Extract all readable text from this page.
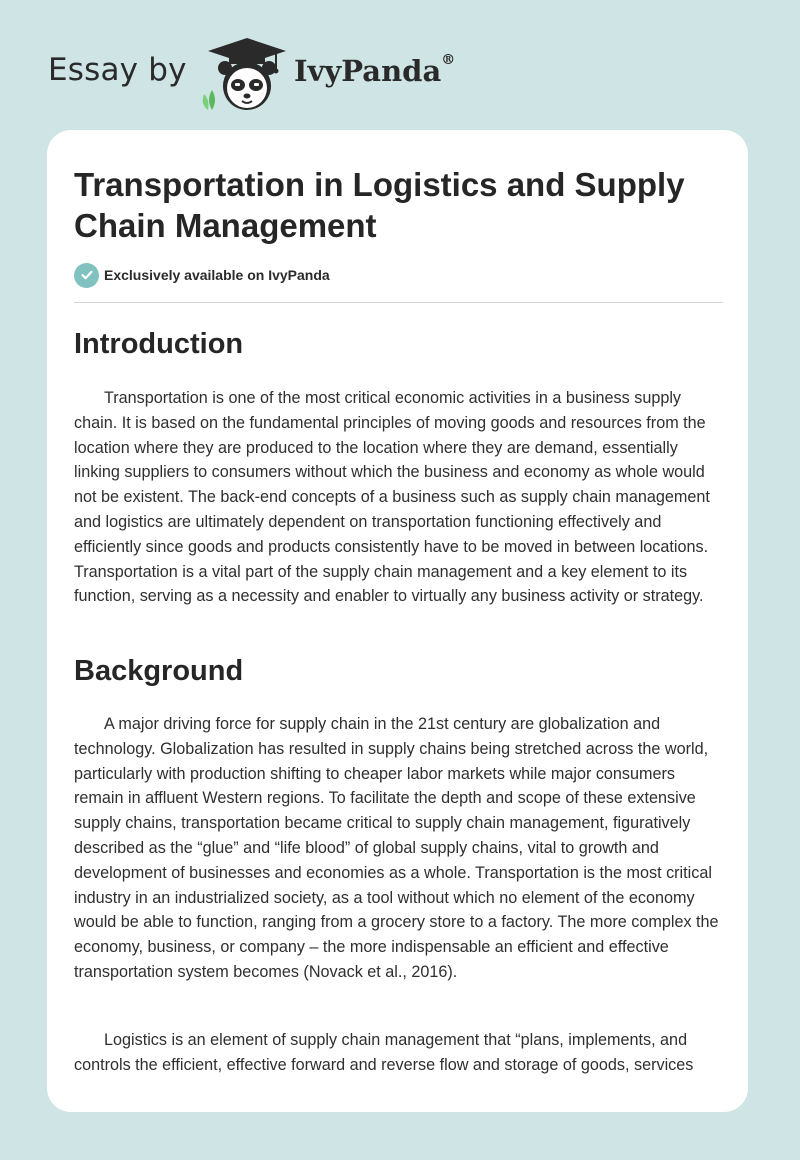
Essay by	IvyPanda®
Transportation in Logistics and Supply Chain Management
Exclusively available on IvyPanda
Introduction

Transportation is one of the most critical economic activities in a business supply chain. It is based on the fundamental principles of moving goods and resources from the location where they are produced to the location where they are demand, essentially linking suppliers to consumers without which the business and economy as whole would not be existent. The back-end concepts of a business such as supply chain management and logistics are ultimately dependent on transportation functioning effectively and efficiently since goods and products consistently have to be moved in between locations. Transportation is a vital part of the supply chain management and a key element to its function, serving as a necessity and enabler to virtually any business activity or strategy.

Background

A major driving force for supply chain in the 21st century are globalization and technology. Globalization has resulted in supply chains being stretched across the world, particularly with production shifting to cheaper labor markets while major consumers remain in affluent Western regions. To facilitate the depth and scope of these extensive supply chains, transportation became critical to supply chain management, figuratively described as the “glue” and “life blood” of global supply chains, vital to growth and development of businesses and economies as a whole. Transportation is the most critical industry in an industrialized society, as a tool without which no element of the economy would be able to function, ranging from a grocery store to a factory. The more complex the economy, business, or company – the more indispensable an efficient and effective transportation system becomes (Novack et al., 2016).

Logistics is an element of supply chain management that “plans, implements, and controls the efficient, effective forward and reverse flow and storage of goods, services
